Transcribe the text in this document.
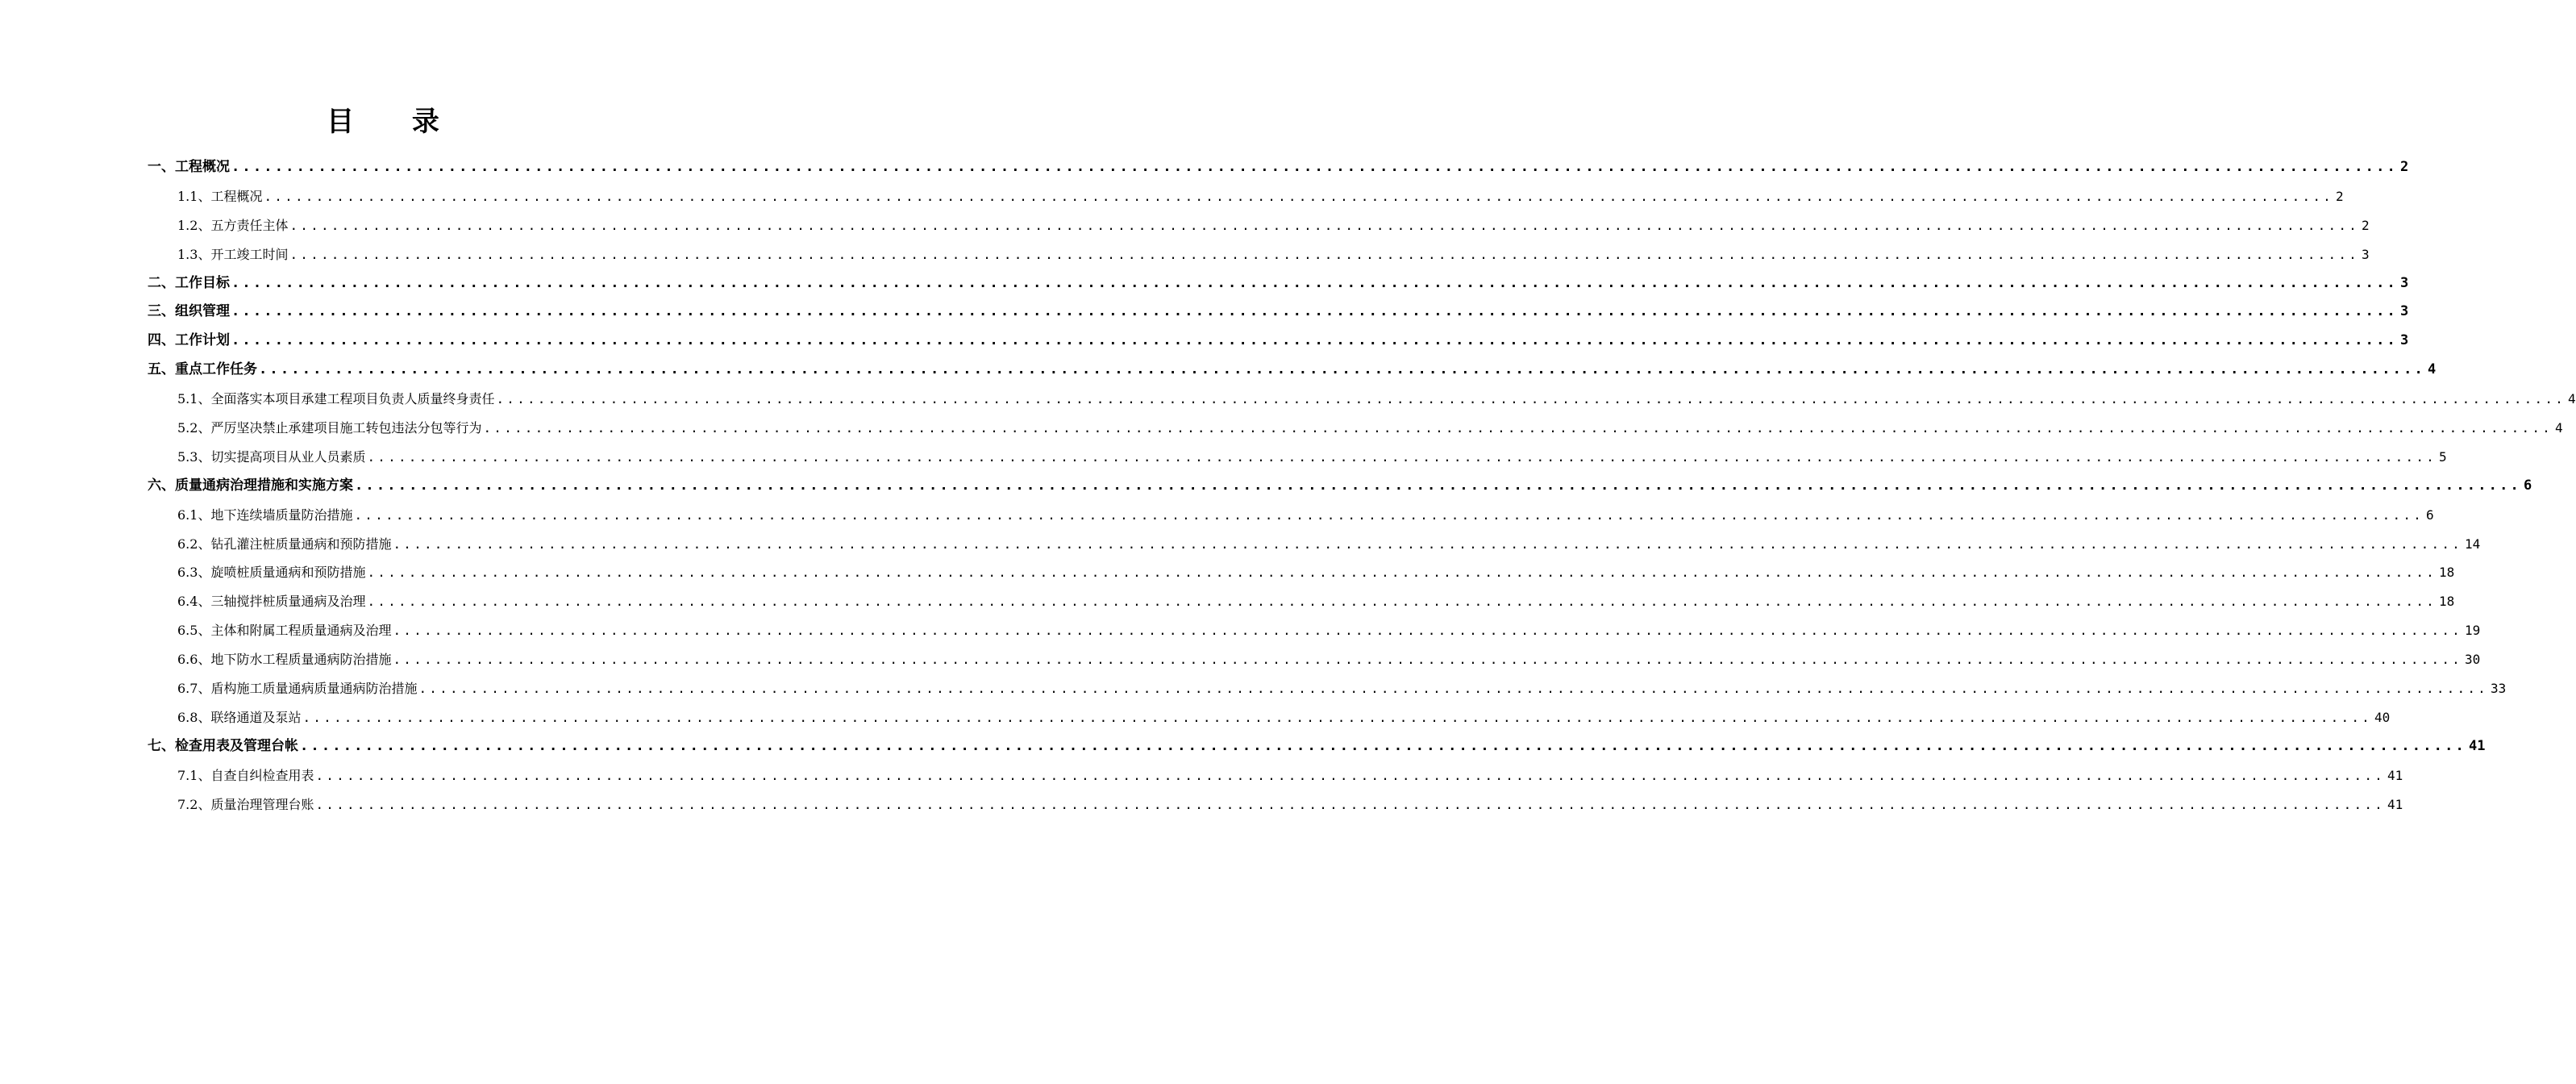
目 录
一、工程概况 ........................................................................................................................................................................................................ 2
1.1、工程概况 ........................................................................................................................................................................................................ 2
1.2、五方责任主体 ........................................................................................................................................................................................................ 2
1.3、开工竣工时间 ........................................................................................................................................................................................................ 3
二、工作目标 ........................................................................................................................................................................................................ 3
三、组织管理 ........................................................................................................................................................................................................ 3
四、工作计划 ........................................................................................................................................................................................................ 3
五、重点工作任务 ........................................................................................................................................................................................................ 4
5.1、全面落实本项目承建工程项目负责人质量终身责任 ........................................................................................................................................................................................................ 4
5.2、严厉坚决禁止承建项目施工转包违法分包等行为 ........................................................................................................................................................................................................ 4
5.3、切实提高项目从业人员素质 ........................................................................................................................................................................................................ 5
六、质量通病治理措施和实施方案 ........................................................................................................................................................................................................ 6
6.1、地下连续墙质量防治措施 ........................................................................................................................................................................................................ 6
6.2、钻孔灌注桩质量通病和预防措施 ........................................................................................................................................................................................................ 14
6.3、旋喷桩质量通病和预防措施 ........................................................................................................................................................................................................ 18
6.4、三轴搅拌桩质量通病及治理 ........................................................................................................................................................................................................ 18
6.5、主体和附属工程质量通病及治理 ........................................................................................................................................................................................................ 19
6.6、地下防水工程质量通病防治措施 ........................................................................................................................................................................................................ 30
6.7、盾构施工质量通病质量通病防治措施 ........................................................................................................................................................................................................ 33
6.8、联络通道及泵站 ........................................................................................................................................................................................................ 40
七、检查用表及管理台帐 ........................................................................................................................................................................................................ 41
7.1、自查自纠检查用表 ........................................................................................................................................................................................................ 41
7.2、质量治理管理台账 ........................................................................................................................................................................................................ 41
